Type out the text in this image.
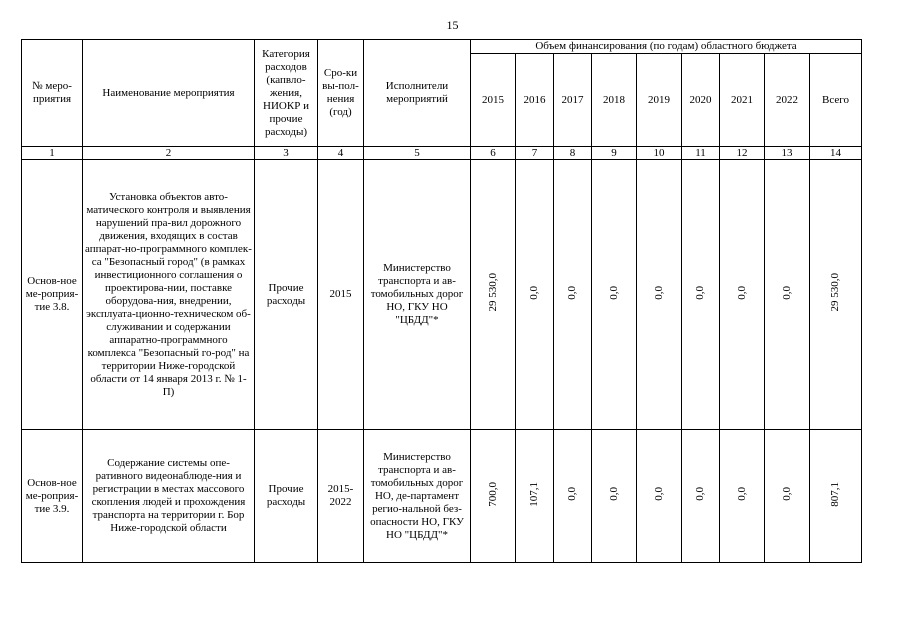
15
№ меро-приятия	Наименование мероприятия	Категория расходов (капвло-жения, НИОКР и прочие расходы)	Сро-ки вы-пол-нения (год)	Исполнители мероприятий	Объем финансирования (по годам) областного бюджета								
					2015	2016	2017	2018	2019	2020	2021	2022	Всего
1	2	3	4	5	6	7	8	9	10	11	12	13	14
Основ-ное ме-роприя-тие 3.8.	Установка объектов авто-матического контроля и выявления нарушений пра-вил дорожного движения, входящих в состав аппарат-но-программного комплек-са "Безопасный город" (в рамках инвестиционного соглашения о проектирова-нии, поставке оборудова-ния, внедрении, эксплуата-ционно-техническом об-служивании и содержании аппаратно-программного комплекса "Безопасный го-род" на территории Ниже-городской области от 14 января 2013 г. № 1-П)	Прочие расходы	2015	Министерство транспорта и ав-томобильных дорог НО, ГКУ НО "ЦБДД"*	29 530,0	0,0	0,0	0,0	0,0	0,0	0,0	0,0	29 530,0
Основ-ное ме-роприя-тие 3.9.	Содержание системы опе-ративного видеонаблюде-ния и регистрации в местах массового скопления людей и прохождения транспорта на территории г. Бор Ниже-городской области	Прочие расходы	2015-2022	Министерство транспорта и ав-томобильных дорог НО, де-партамент регио-нальной без-опасности НО, ГКУ НО "ЦБДД"*	700,0	107,1	0,0	0,0	0,0	0,0	0,0	0,0	807,1
